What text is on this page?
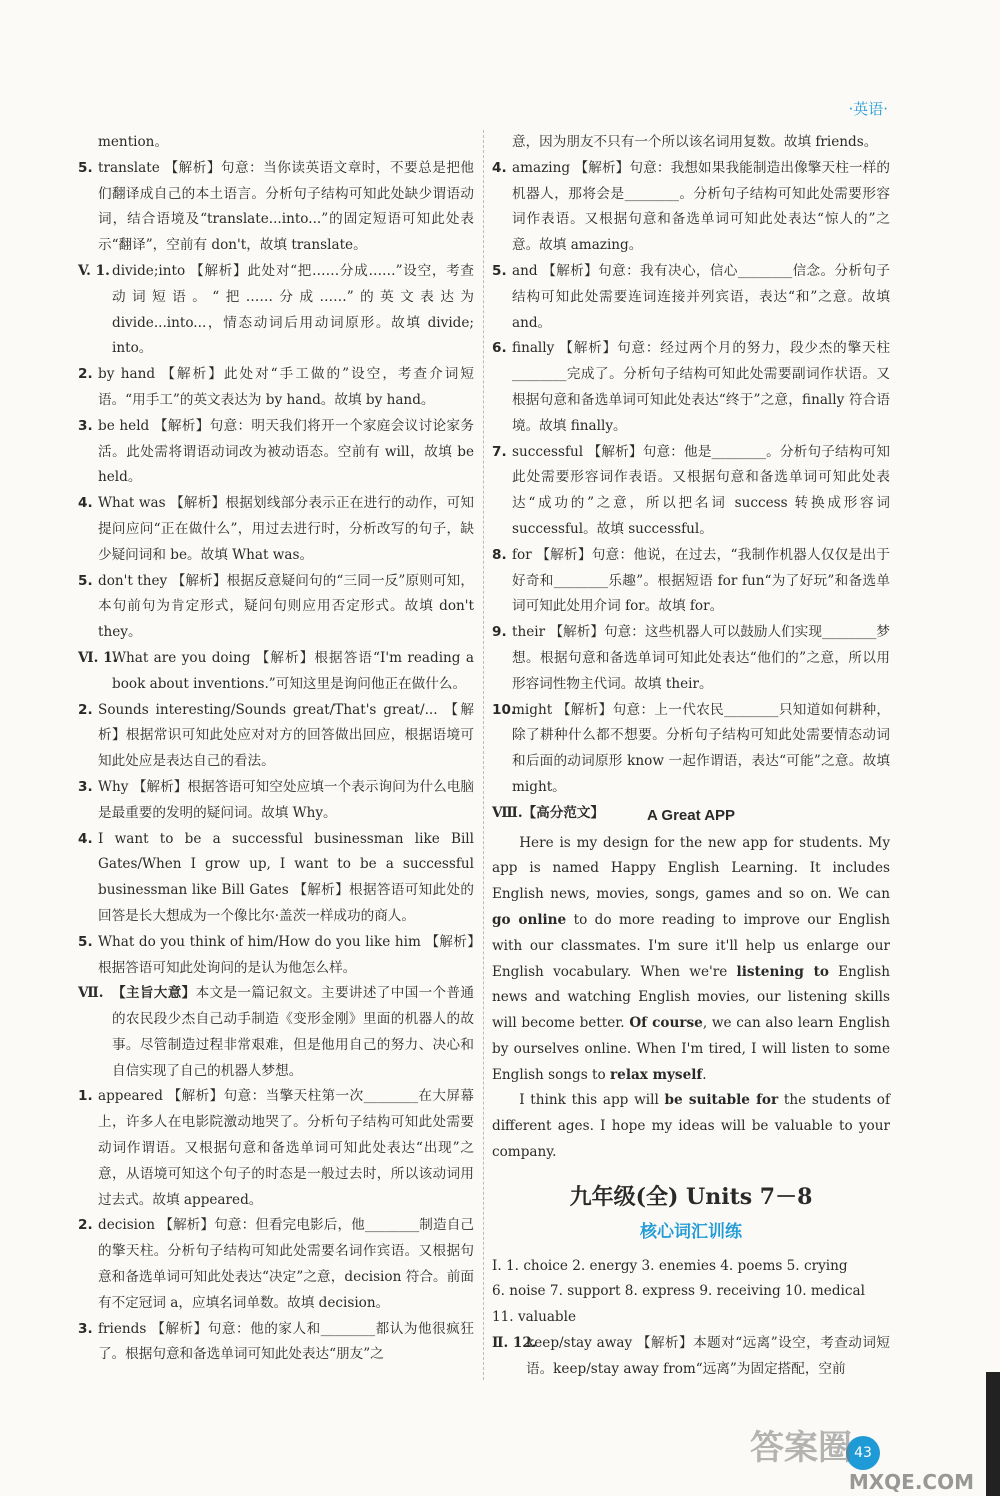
·英语·
mention。
5. translate 【解析】句意：当你读英语文章时，不要总是把他们翻译成自己的本土语言。分析句子结构可知此处缺少谓语动词，结合语境及“translate...into...”的固定短语可知此处表示“翻译”，空前有 don't，故填 translate。
V. 1. divide;into 【解析】此处对“把……分成……”设空，考查动词短语。“把……分成……”的英文表达为 divide...into...，情态动词后用动词原形。故填 divide; into。
2. by hand 【解析】此处对“手工做的”设空，考查介词短语。“用手工”的英文表达为 by hand。故填 by hand。
3. be held 【解析】句意：明天我们将开一个家庭会议讨论家务活。此处需将谓语动词改为被动语态。空前有 will，故填 be held。
4. What was 【解析】根据划线部分表示正在进行的动作，可知提问应问“正在做什么”，用过去进行时，分析改写的句子，缺少疑问词和 be。故填 What was。
5. don't they 【解析】根据反意疑问句的“三同一反”原则可知，本句前句为肯定形式，疑问句则应用否定形式。故填 don't they。
Ⅵ. 1.
What are you doing 【解析】根据答语“I'm reading a book about inventions.”可知这里是询问他正在做什么。
2. Sounds interesting/Sounds great/That's great/... 【解析】根据常识可知此处应对对方的回答做出回应，根据语境可知此处应是表达自己的看法。
3. Why 【解析】根据答语可知空处应填一个表示询问为什么电脑是最重要的发明的疑问词。故填 Why。
4. I want to be a successful businessman like Bill Gates/When I grow up, I want to be a successful businessman like Bill Gates 【解析】根据答语可知此处的回答是长大想成为一个像比尔·盖茨一样成功的商人。
5. What do you think of him/How do you like him 【解析】根据答语可知此处询问的是认为他怎么样。
Ⅶ. 【主旨大意】本文是一篇记叙文。主要讲述了中国一个普通的农民段少杰自己动手制造《变形金刚》里面的机器人的故事。尽管制造过程非常艰难，但是他用自己的努力、决心和自信实现了自己的机器人梦想。
1. appeared 【解析】句意：当擎天柱第一次________在大屏幕上，许多人在电影院激动地哭了。分析句子结构可知此处需要动词作谓语。又根据句意和备选单词可知此处表达“出现”之意，从语境可知这个句子的时态是一般过去时，所以该动词用过去式。故填 appeared。
2. decision 【解析】句意：但看完电影后，他________制造自己的擎天柱。分析句子结构可知此处需要名词作宾语。又根据句意和备选单词可知此处表达“决定”之意，decision 符合。前面有不定冠词 a，应填名词单数。故填 decision。
3. friends 【解析】句意：他的家人和________都认为他很疯狂了。根据句意和备选单词可知此处表达“朋友”之
意，因为朋友不只有一个所以该名词用复数。故填 friends。
4. amazing 【解析】句意：我想如果我能制造出像擎天柱一样的机器人，那将会是________。分析句子结构可知此处需要形容词作表语。又根据句意和备选单词可知此处表达“惊人的”之意。故填 amazing。
5. and 【解析】句意：我有决心，信心________信念。分析句子结构可知此处需要连词连接并列宾语，表达“和”之意。故填 and。
6. finally 【解析】句意：经过两个月的努力，段少杰的擎天柱________完成了。分析句子结构可知此处需要副词作状语。又根据句意和备选单词可知此处表达“终于”之意，finally 符合语境。故填 finally。
7. successful 【解析】句意：他是________。分析句子结构可知此处需要形容词作表语。又根据句意和备选单词可知此处表达“成功的”之意，所以把名词 success 转换成形容词 successful。故填 successful。
8. for 【解析】句意：他说，在过去，“我制作机器人仅仅是出于好奇和________乐趣”。根据短语 for fun“为了好玩”和备选单词可知此处用介词 for。故填 for。
9. their 【解析】句意：这些机器人可以鼓励人们实现________梦想。根据句意和备选单词可知此处表达“他们的”之意，所以用形容词性物主代词。故填 their。
10.
might 【解析】句意：上一代农民________只知道如何耕种，除了耕种什么都不想要。分析句子结构可知此处需要情态动词和后面的动词原形 know 一起作谓语，表达“可能”之意。故填 might。
Ⅷ.【高分范文】	A Great APP

Here is my design for the new app for students. My app is named Happy English Learning. It includes English news, movies, songs, games and so on. We can go online to do more reading to improve our English with our classmates. I'm sure it'll help us enlarge our English vocabulary. When we're listening to English news and watching English movies, our listening skills will become better. Of course, we can also learn English by ourselves online. When I'm tired, I will listen to some English songs to relax myself.

I think this app will be suitable for the students of different ages. I hope my ideas will be valuable to your company.

九年级(全) Units 7－8
核心词汇训练
Ⅰ. 1. choice 2. energy 3. enemies 4. poems 5. crying
6. noise 7. support 8. express 9. receiving 10. medical
11. valuable
Ⅱ. 12.
keep/stay away 【解析】本题对“远离”设空，考查动词短语。keep/stay away from“远离”为固定搭配，空前
43
答案圈
MXQE.COM
